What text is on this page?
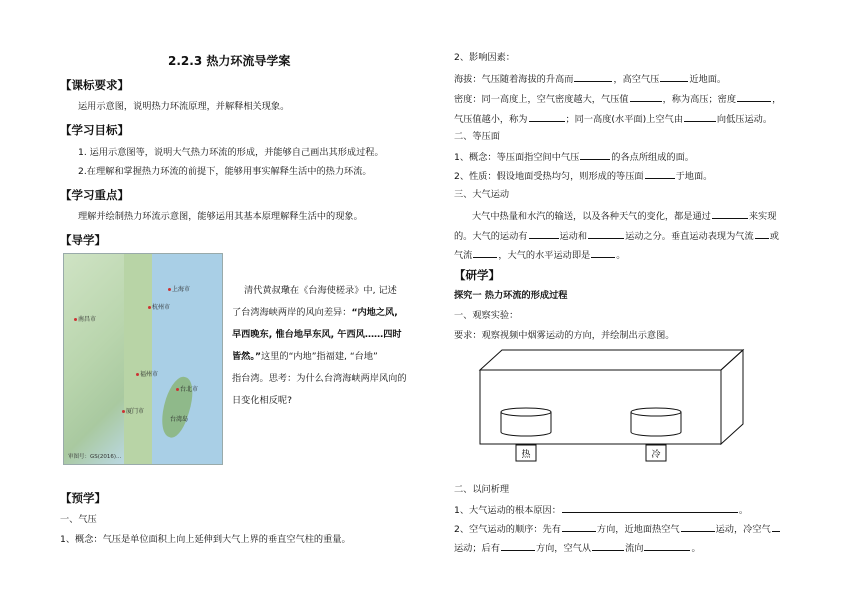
2.2.3 热力环流导学案
【课标要求】
运用示意图，说明热力环流原理，并解释相关现象。
【学习目标】
1. 运用示意图等，说明大气热力环流的形成，并能够自己画出其形成过程。
2.在理解和掌握热力环流的前提下，能够用事实解释生活中的热力环流。
【学习重点】
理解并绘制热力环流示意图，能够运用其基本原理解释生活中的现象。
【导学】
上海市
杭州市
南昌市
福州市
台北市
厦门市
台湾岛
审图号：GS(2016)...
清代黄叔璥在《台海使槎录》中, 记述
了台湾海峡两岸的风向差异：“内地之风,
早西晚东, 惟台地早东风, 午西风……四时
皆然。”这里的“内地”指福建, “台地”
指台湾。思考：为什么台湾海峡两岸风向的
日变化相反呢?
【预学】
一、气压
1、概念：气压是单位面积上向上延伸到大气上界的垂直空气柱的重量。
2、影响因素：
海拔：气压随着海拔的升高而	，高空气压	近地面。
密度：同一高度上，空气密度越大，气压值	，称为高压；密度	，
气压值越小，称为	；同一高度(水平面)上空气由	向低压运动。
二、等压面
1、概念：等压面指空间中气压	的各点所组成的面。
2、性质：假设地面受热均匀，则形成的等压面	于地面。
三、大气运动
大气中热量和水汽的输送，以及各种天气的变化，都是通过	来实现
的。大气的运动有	运动和	运动之分。垂直运动表现为气流 或
气流	，大气的水平运动即是	。
【研学】
探究一 热力环流的形成过程
一、观察实验：
要求：观察视频中烟雾运动的方向，并绘制出示意图。
热	冷
二、以问析理
1、大气运动的根本原因：	。
2、空气运动的顺序：先有	方向，近地面热空气	运动，冷空气
运动；后有	方向，空气从	流向	。
